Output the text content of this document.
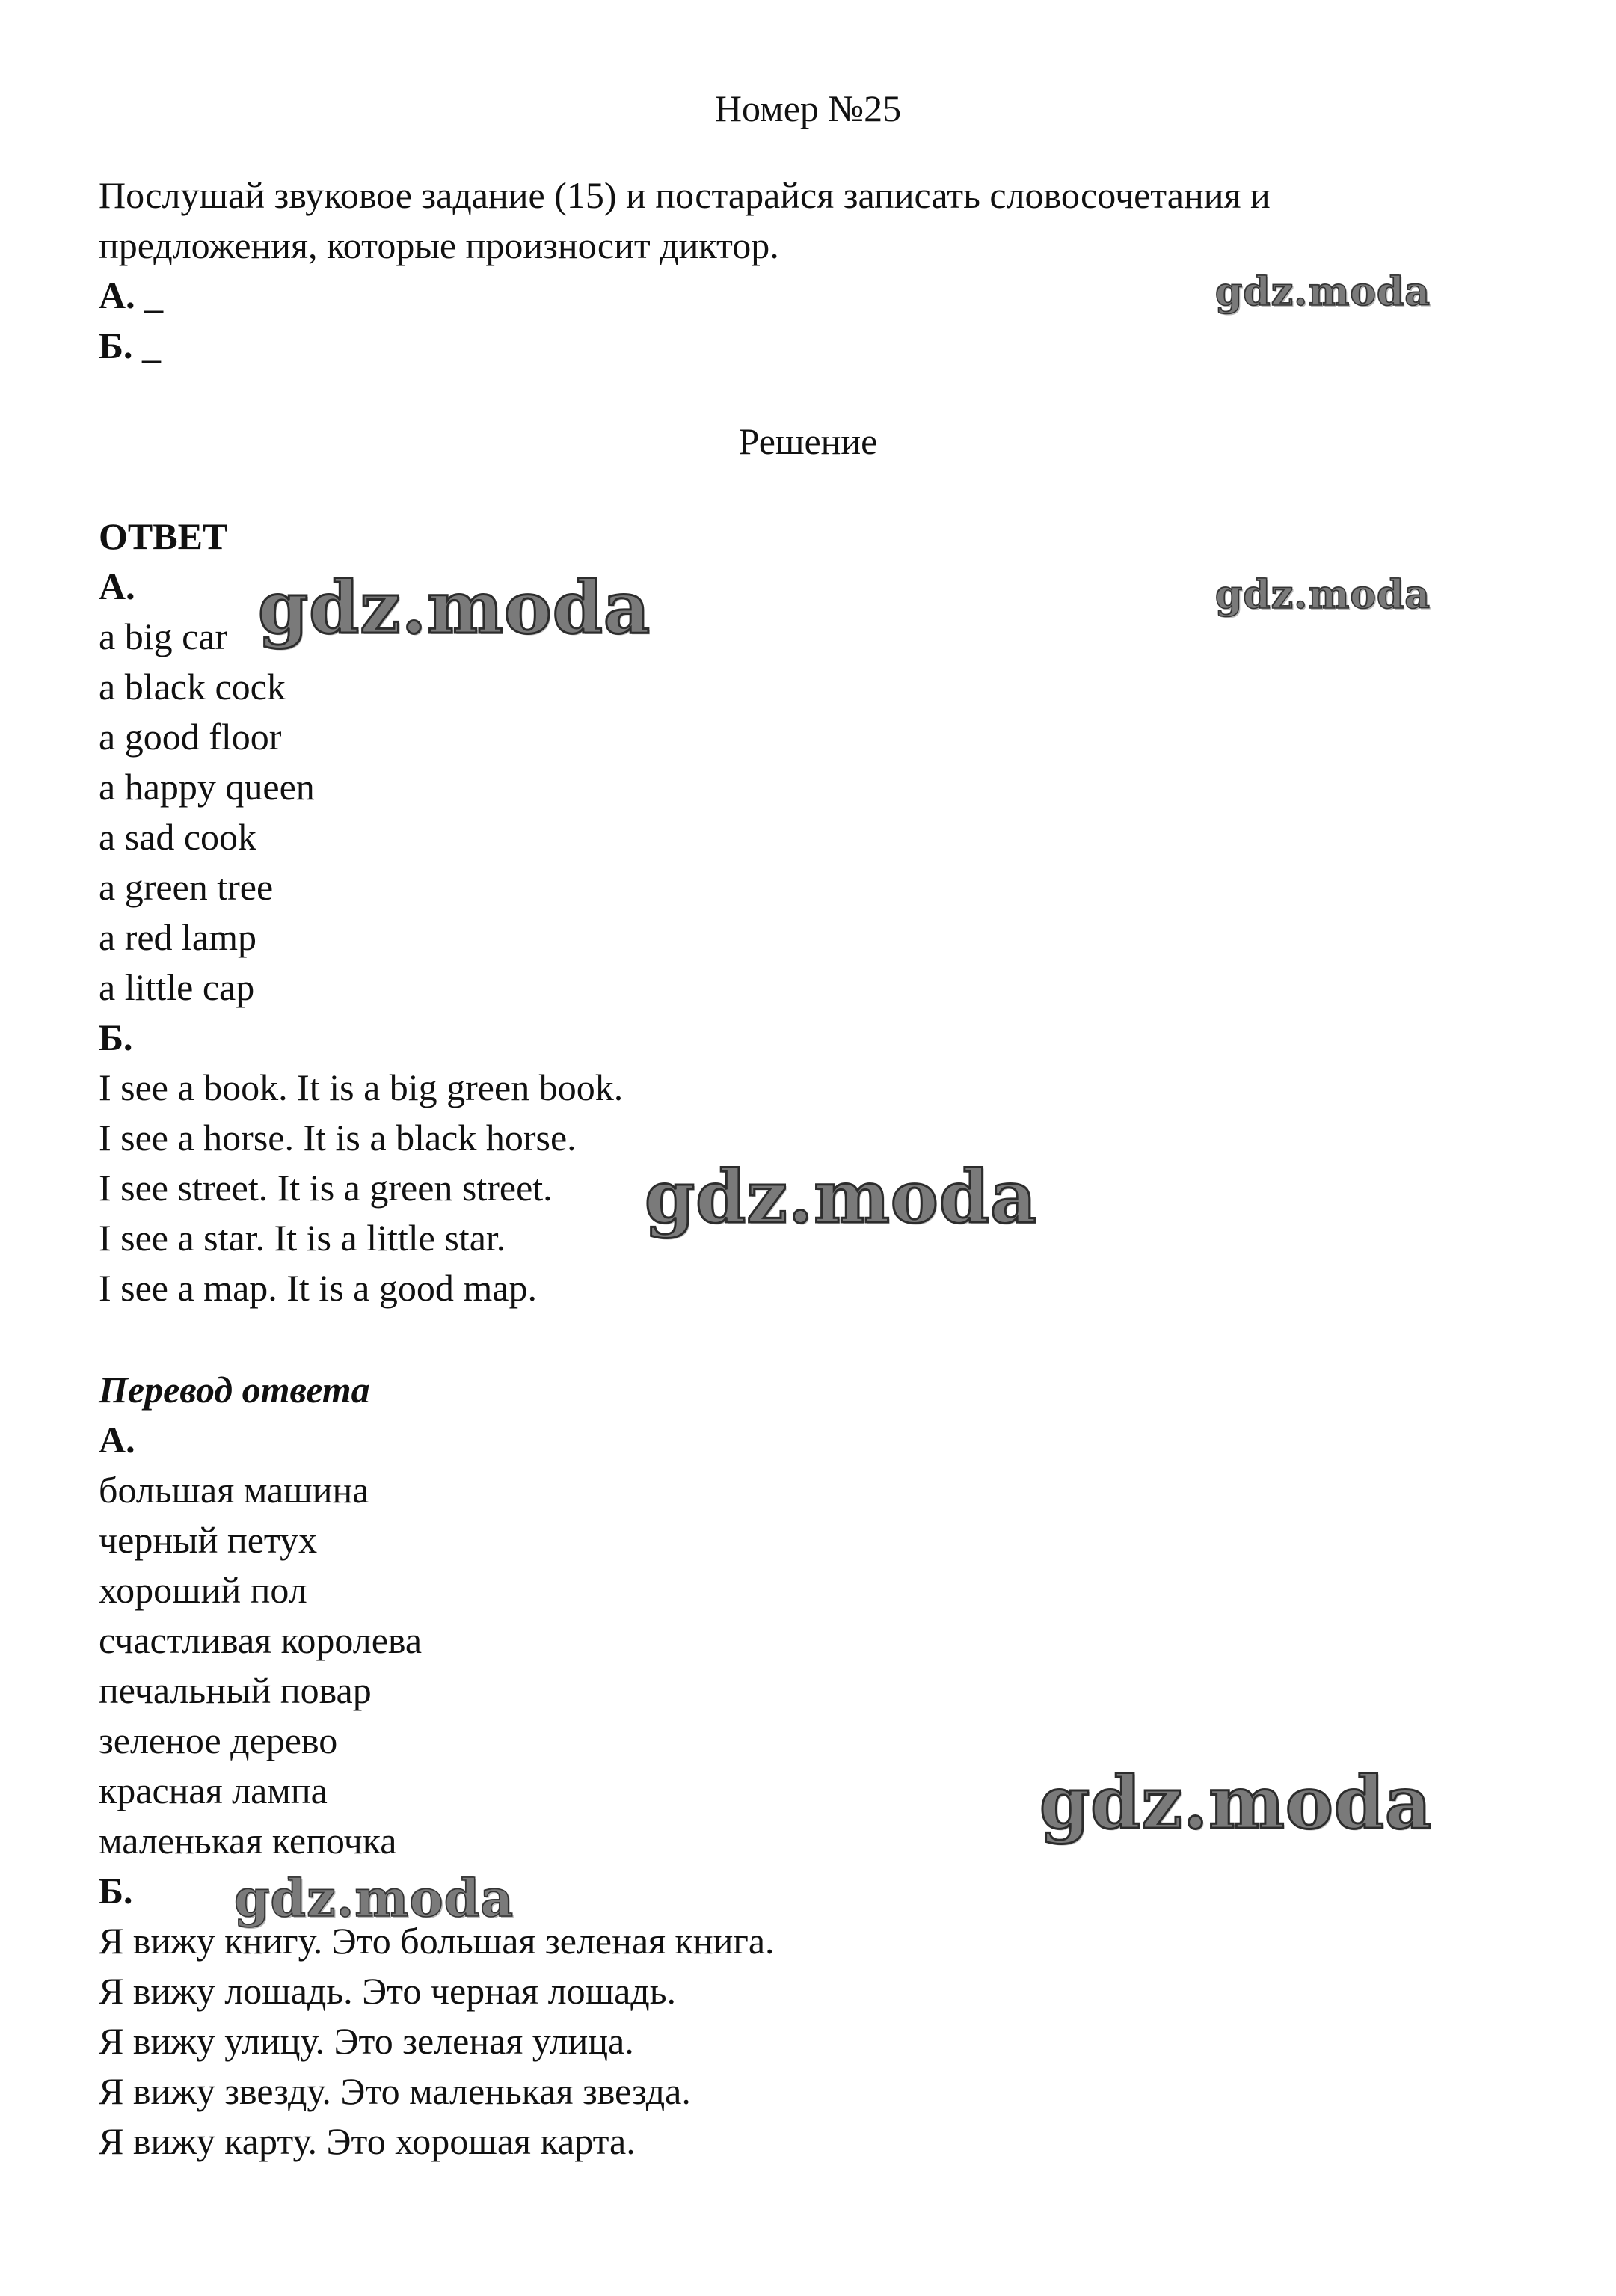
Номер №25
Послушай звуковое задание (15) и постарайся записать словосочетания и
предложения, которые произносит диктор.
А. _
Б. _
Решение
ОТВЕТ
А.
a big car
a black cock
a good floor
a happy queen
a sad cook
a green tree
a red lamp
a little cap
Б.
I see a book. It is a big green book.
I see a horse. It is a black horse.
I see street. It is a green street.
I see a star. It is a little star.
I see a map. It is a good map.
Перевод ответа
А.
большая машина
черный петух
хороший пол
счастливая королева
печальный повар
зеленое дерево
красная лампа
маленькая кепочка
Б.
Я вижу книгу. Это большая зеленая книга.
Я вижу лошадь. Это черная лошадь.
Я вижу улицу. Это зеленая улица.
Я вижу звезду. Это маленькая звезда.
Я вижу карту. Это хорошая карта.
gdz.moda
gdz.moda
gdz.moda
gdz.moda
gdz.moda
gdz.moda
